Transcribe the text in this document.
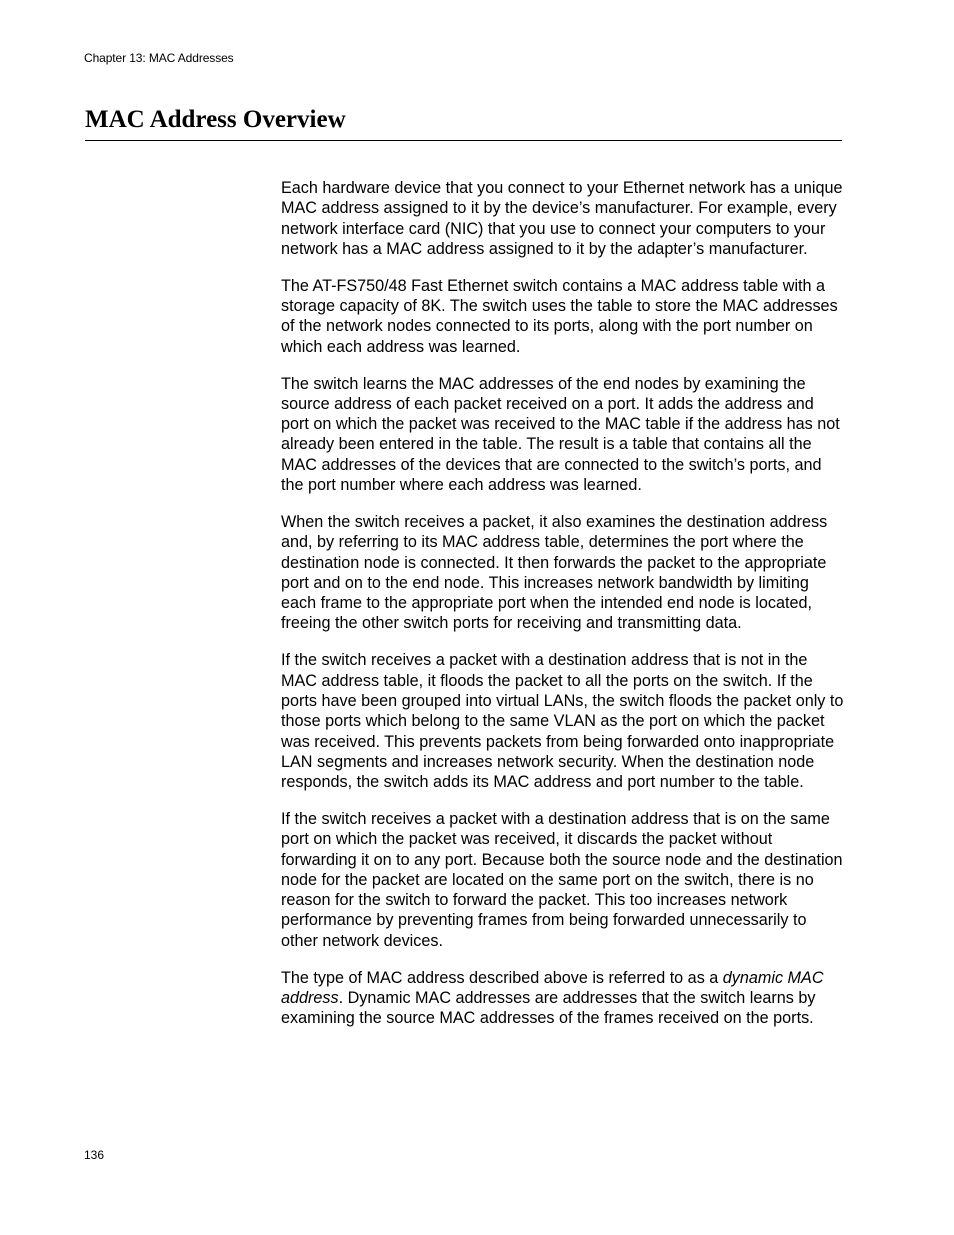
Chapter 13: MAC Addresses
MAC Address Overview

Each hardware device that you connect to your Ethernet network has a unique MAC address assigned to it by the device’s manufacturer. For example, every network interface card (NIC) that you use to connect your computers to your network has a MAC address assigned to it by the adapter’s manufacturer.

The AT-FS750/48 Fast Ethernet switch contains a MAC address table with a storage capacity of 8K. The switch uses the table to store the MAC addresses of the network nodes connected to its ports, along with the port number on which each address was learned.

The switch learns the MAC addresses of the end nodes by examining the source address of each packet received on a port. It adds the address and port on which the packet was received to the MAC table if the address has not already been entered in the table. The result is a table that contains all the MAC addresses of the devices that are connected to the switch’s ports, and the port number where each address was learned.

When the switch receives a packet, it also examines the destination address and, by referring to its MAC address table, determines the port where the destination node is connected. It then forwards the packet to the appropriate port and on to the end node. This increases network bandwidth by limiting each frame to the appropriate port when the intended end node is located, freeing the other switch ports for receiving and transmitting data.

If the switch receives a packet with a destination address that is not in the MAC address table, it floods the packet to all the ports on the switch. If the ports have been grouped into virtual LANs, the switch floods the packet only to those ports which belong to the same VLAN as the port on which the packet was received. This prevents packets from being forwarded onto inappropriate LAN segments and increases network security. When the destination node responds, the switch adds its MAC address and port number to the table.

If the switch receives a packet with a destination address that is on the same port on which the packet was received, it discards the packet without forwarding it on to any port. Because both the source node and the destination node for the packet are located on the same port on the switch, there is no reason for the switch to forward the packet. This too increases network performance by preventing frames from being forwarded unnecessarily to other network devices.

The type of MAC address described above is referred to as a dynamic MAC address. Dynamic MAC addresses are addresses that the switch learns by examining the source MAC addresses of the frames received on the ports.

136
